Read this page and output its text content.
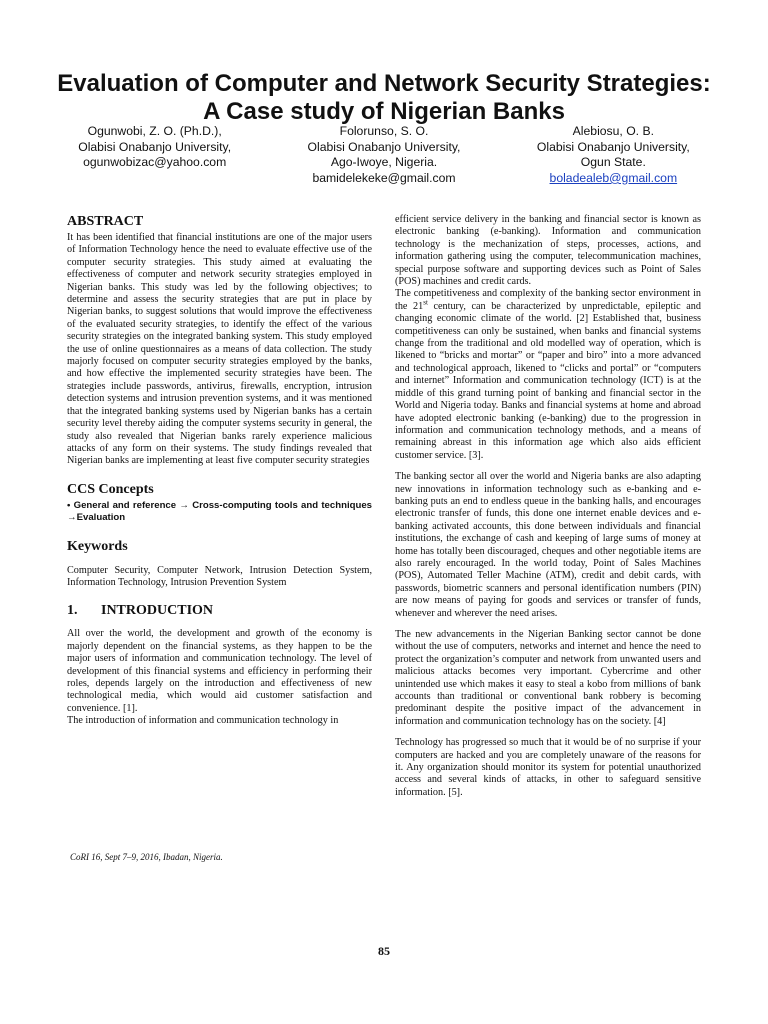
Evaluation of Computer and Network Security Strategies:
A Case study of Nigerian Banks
Ogunwobi, Z. O. (Ph.D.),
Olabisi Onabanjo University,
ogunwobizac@yahoo.com
Folorunso, S. O.
Olabisi Onabanjo University,
Ago-Iwoye, Nigeria.
bamidelekeke@gmail.com
Alebiosu, O. B.
Olabisi Onabanjo University,
Ogun State.
boladealeb@gmail.com
ABSTRACT

It has been identified that financial institutions are one of the major users of Information Technology hence the need to evaluate effective use of the computer security strategies. This study aimed at evaluating the effectiveness of computer and network security strategies employed in Nigerian banks. This study was led by the following objectives; to determine and assess the security strategies that are put in place by Nigerian banks, to suggest solutions that would improve the effectiveness of the evaluated security strategies, to identify the effect of the various security strategies on the integrated banking system. This study employed the use of online questionnaires as a means of data collection. The study majorly focused on computer security strategies employed by the banks, and how effective the implemented security strategies have been. The strategies include passwords, antivirus, firewalls, encryption, intrusion detection systems and intrusion prevention systems, and it was mentioned that the integrated banking systems used by Nigerian banks has a certain security level thereby aiding the computer systems security in general, the study also revealed that Nigerian banks rarely experience malicious attacks of any form on their systems. The study findings revealed that Nigerian banks are implementing at least five computer security strategies

CCS Concepts

• General and reference → Cross-computing tools and techniques →Evaluation

Keywords

Computer Security, Computer Network, Intrusion Detection System, Information Technology, Intrusion Prevention System

1.	INTRODUCTION

All over the world, the development and growth of the economy is majorly dependent on the financial systems, as they happen to be the major users of information and communication technology. The level of development of this financial systems and efficiency in performing their roles, depends largely on the introduction and effectiveness of new technological media, which would aid customer satisfaction and convenience. [1].

The introduction of information and communication technology in

CoRI 16, Sept 7–9, 2016, Ibadan, Nigeria.

efficient service delivery in the banking and financial sector is known as electronic banking (e-banking). Information and communication technology is the mechanization of steps, processes, actions, and information gathering using the computer, telecommunication machines, special purpose software and supporting devices such as Point of Sales (POS) machines and credit cards.

The competitiveness and complexity of the banking sector environment in the 21st century, can be characterized by unpredictable, epileptic and changing economic climate of the world. [2] Established that, business competitiveness can only be sustained, when banks and financial systems change from the traditional and old modelled way of operation, which is likened to “bricks and mortar” or “paper and biro” into a more advanced and technological approach, likened to “clicks and portal” or “computers and internet” Information and communication technology (ICT) is at the middle of this grand turning point of banking and financial sector in the World and Nigeria today. Banks and financial systems at home and abroad have adopted electronic banking (e-banking) due to the progression in information and communication technology methods, and a means of remaining abreast in this information age which also aids efficient customer service. [3].

The banking sector all over the world and Nigeria banks are also adapting new innovations in information technology such as e-banking and e-banking puts an end to endless queue in the banking halls, and encourages electronic transfer of funds, this done one internet enable devices and e-banking activated accounts, this done between individuals and financial institutions, the exchange of cash and keeping of large sums of money at home has totally been discouraged, cheques and other negotiable items are also rarely encouraged. In the world today, Point of Sales Machines (POS), Automated Teller Machine (ATM), credit and debit cards, with passwords, biometric scanners and personal identification numbers (PIN) are now means of paying for goods and services or transfer of funds, whenever and wherever the need arises.

The new advancements in the Nigerian Banking sector cannot be done without the use of computers, networks and internet and hence the need to protect the organization’s computer and network from unwanted users and malicious attacks becomes very important. Cybercrime and other unintended use which makes it easy to steal a kobo from millions of bank accounts than traditional or conventional bank robbery is becoming predominant despite the positive impact of the advancement in information and communication technology has on the society. [4]

Technology has progressed so much that it would be of no surprise if your computers are hacked and you are completely unaware of the reasons for it. Any organization should monitor its system for potential unauthorized access and several kinds of attacks, in other to safeguard sensitive information. [5].

85
